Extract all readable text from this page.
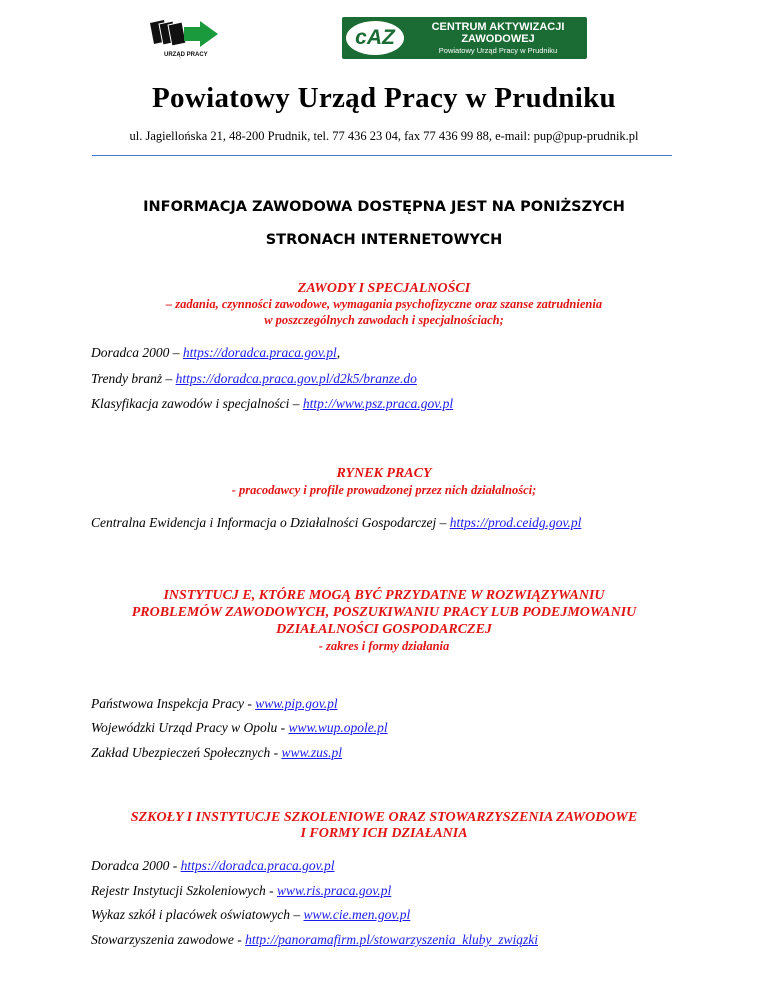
URZĄD PRACY
cAZ	CENTRUM AKTYWIZACJI
ZAWODOWEJ
Powiatowy Urząd Pracy w Prudniku
Powiatowy Urząd Pracy w Prudniku
ul. Jagiellońska 21, 48-200 Prudnik, tel. 77 436 23 04, fax 77 436 99 88, e-mail: pup@pup-prudnik.pl
INFORMACJA ZAWODOWA DOSTĘPNA JEST NA PONIŻSZYCH
STRONACH INTERNETOWYCH
ZAWODY I SPECJALNOŚCI
– zadania, czynności zawodowe, wymagania psychofizyczne oraz szanse zatrudnienia
w poszczególnych zawodach i specjalnościach;
Doradca 2000 – https://doradca.praca.gov.pl,
Trendy branż – https://doradca.praca.gov.pl/d2k5/branze.do
Klasyfikacja zawodów i specjalności – http://www.psz.praca.gov.pl
RYNEK PRACY
- pracodawcy i profile prowadzonej przez nich działalności;
Centralna Ewidencja i Informacja o Działalności Gospodarczej – https://prod.ceidg.gov.pl
INSTYTUCJ E, KTÓRE MOGĄ BYĆ PRZYDATNE W ROZWIĄZYWANIU
PROBLEMÓW ZAWODOWYCH, POSZUKIWANIU PRACY LUB PODEJMOWANIU
DZIAŁALNOŚCI GOSPODARCZEJ
- zakres i formy działania
Państwowa Inspekcja Pracy - www.pip.gov.pl
Wojewódzki Urząd Pracy w Opolu - www.wup.opole.pl
Zakład Ubezpieczeń Społecznych - www.zus.pl
SZKOŁY I INSTYTUCJE SZKOLENIOWE ORAZ STOWARZYSZENIA ZAWODOWE
I FORMY ICH DZIAŁANIA
Doradca 2000 - https://doradca.praca.gov.pl
Rejestr Instytucji Szkoleniowych - www.ris.praca.gov.pl
Wykaz szkół i placówek oświatowych – www.cie.men.gov.pl
Stowarzyszenia zawodowe - http://panoramafirm.pl/stowarzyszenia_kluby_związki
